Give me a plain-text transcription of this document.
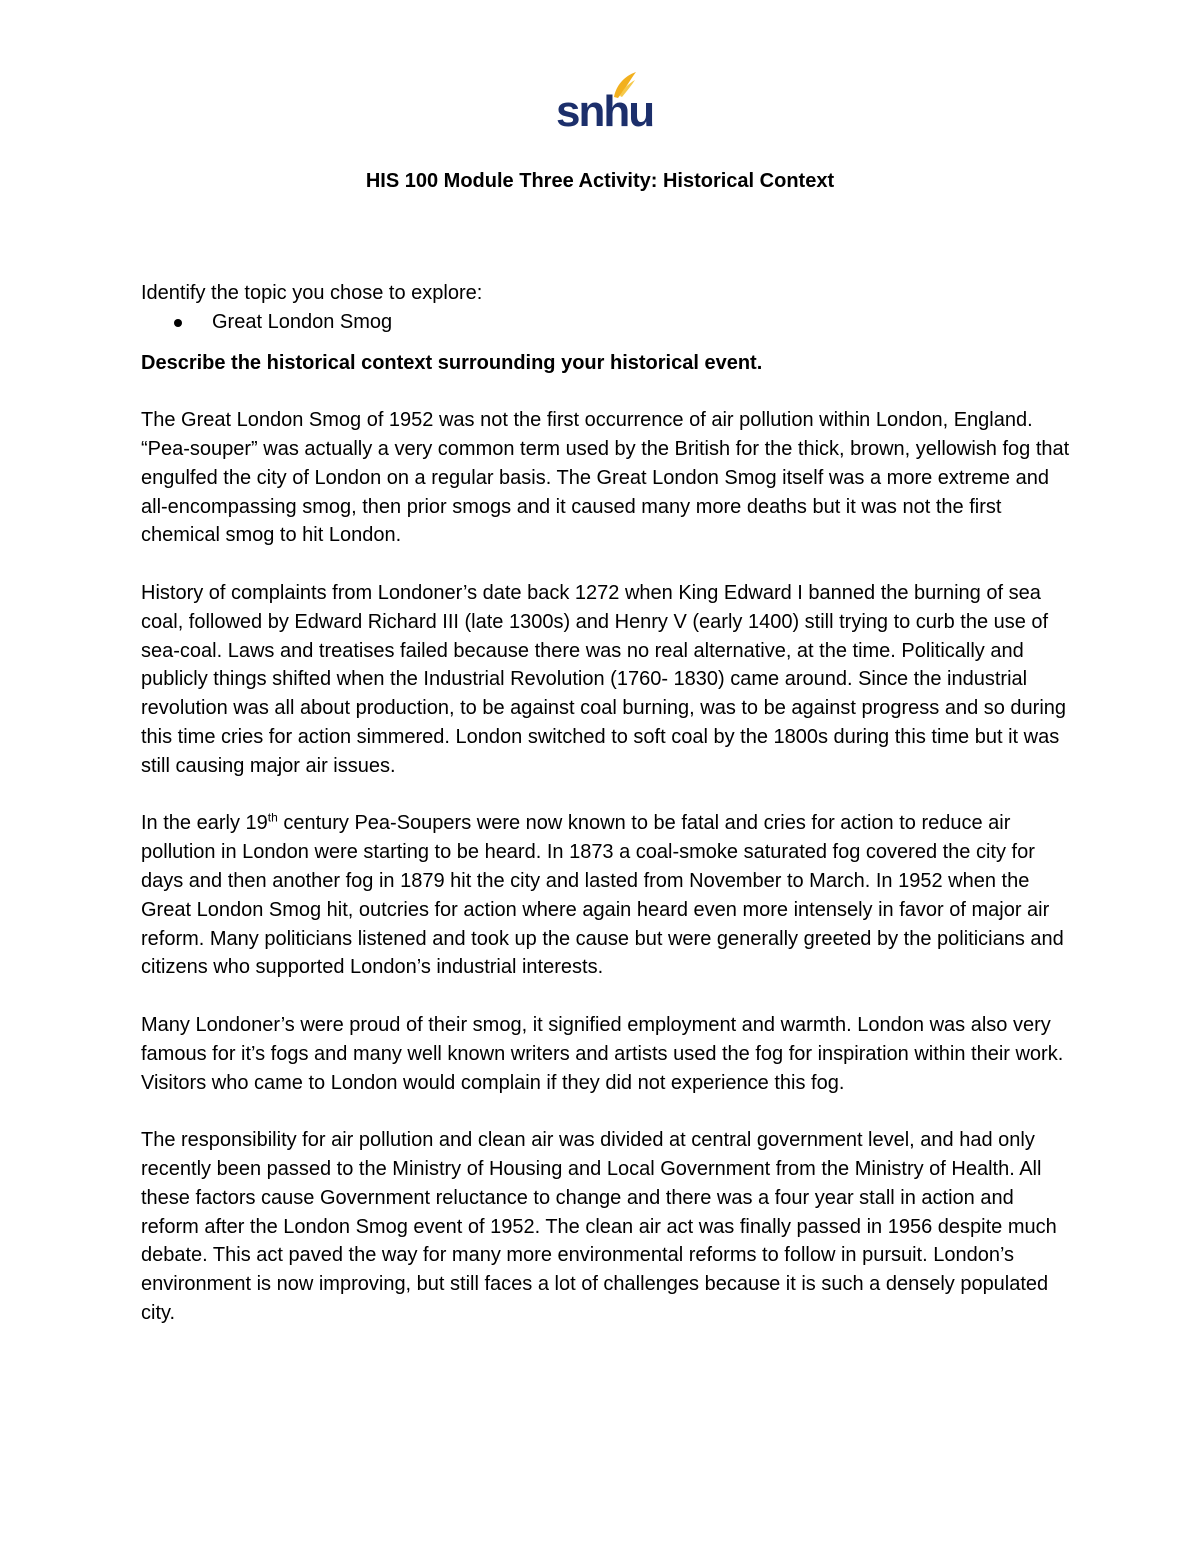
snhu
HIS 100 Module Three Activity: Historical Context

Identify the topic you chose to explore:

Great London Smog

Describe the historical context surrounding your historical event.

The Great London Smog of 1952 was not the first occurrence of air pollution within London, England. “Pea-souper” was actually a very common term used by the British for the thick, brown, yellowish fog that engulfed the city of London on a regular basis. The Great London Smog itself was a more extreme and all-encompassing smog, then prior smogs and it caused many more deaths but it was not the first chemical smog to hit London.

History of complaints from Londoner’s date back 1272 when King Edward I banned the burning of sea coal, followed by Edward Richard III (late 1300s) and Henry V (early 1400) still trying to curb the use of sea-coal. Laws and treatises failed because there was no real alternative, at the time. Politically and publicly things shifted when the Industrial Revolution (1760- 1830) came around. Since the industrial revolution was all about production, to be against coal burning, was to be against progress and so during this time cries for action simmered. London switched to soft coal by the 1800s during this time but it was still causing major air issues.

In the early 19th century Pea-Soupers were now known to be fatal and cries for action to reduce air pollution in London were starting to be heard. In 1873 a coal-smoke saturated fog covered the city for days and then another fog in 1879 hit the city and lasted from November to March. In 1952 when the Great London Smog hit, outcries for action where again heard even more intensely in favor of major air reform. Many politicians listened and took up the cause but were generally greeted by the politicians and citizens who supported London’s industrial interests.

Many Londoner’s were proud of their smog, it signified employment and warmth. London was also very famous for it’s fogs and many well known writers and artists used the fog for inspiration within their work. Visitors who came to London would complain if they did not experience this fog.

The responsibility for air pollution and clean air was divided at central government level, and had only recently been passed to the Ministry of Housing and Local Government from the Ministry of Health. All these factors cause Government reluctance to change and there was a four year stall in action and reform after the London Smog event of 1952. The clean air act was finally passed in 1956 despite much debate. This act paved the way for many more environmental reforms to follow in pursuit. London’s environment is now improving, but still faces a lot of challenges because it is such a densely populated city.
